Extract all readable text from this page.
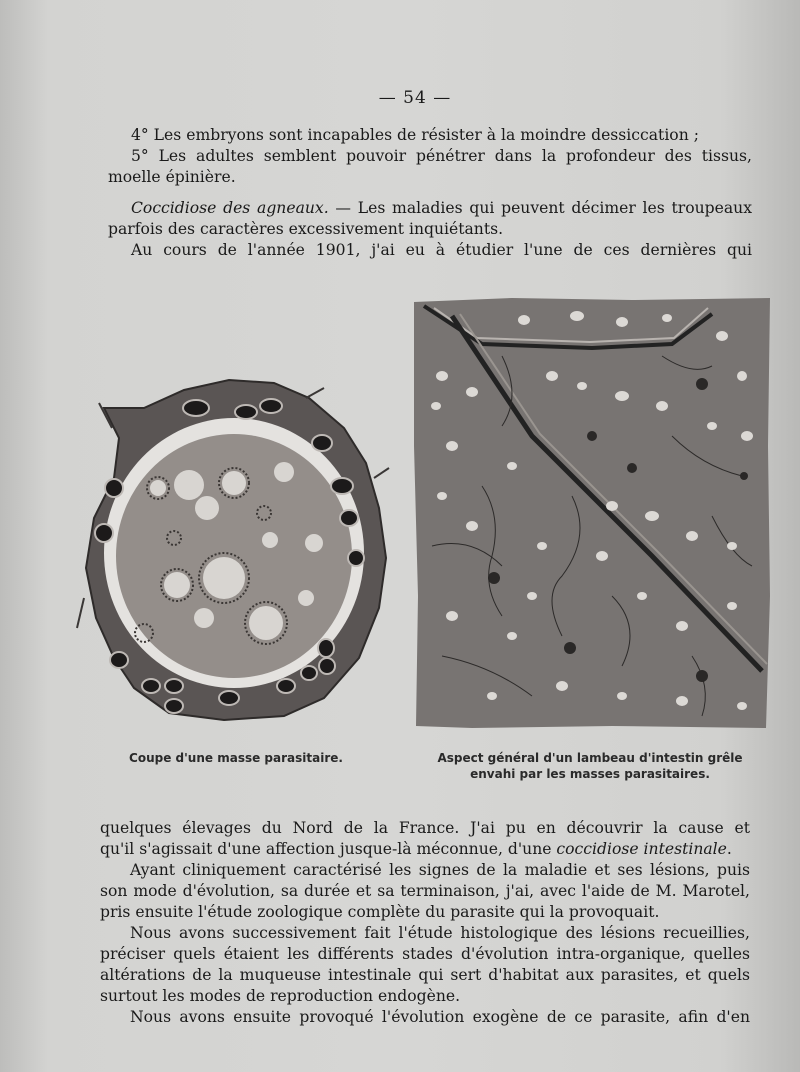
— 54 —
4° Les embryons sont incapables de résister à la moindre dessiccation ;
5° Les adultes semblent pouvoir pénétrer dans la profondeur des tissus,
moelle épinière.
Coccidiose des agneaux. — Les maladies qui peuvent décimer les troupeaux
parfois des caractères excessivement inquiétants.
Au cours de l'année 1901, j'ai eu à étudier l'une de ces dernières qui
Coupe d'une masse parasitaire.	Aspect général d'un lambeau d'intestin grêle
envahi par les masses parasitaires.
quelques élevages du Nord de la France. J'ai pu en découvrir la cause et
qu'il s'agissait d'une affection jusque-là méconnue, d'une coccidiose intestinale.
Ayant cliniquement caractérisé les signes de la maladie et ses lésions, puis
son mode d'évolution, sa durée et sa terminaison, j'ai, avec l'aide de M. Marotel,
pris ensuite l'étude zoologique complète du parasite qui la provoquait.
Nous avons successivement fait l'étude histologique des lésions recueillies,
préciser quels étaient les différents stades d'évolution intra-organique, quelles
altérations de la muqueuse intestinale qui sert d'habitat aux parasites, et quels
surtout les modes de reproduction endogène.
Nous avons ensuite provoqué l'évolution exogène de ce parasite, afin d'en
